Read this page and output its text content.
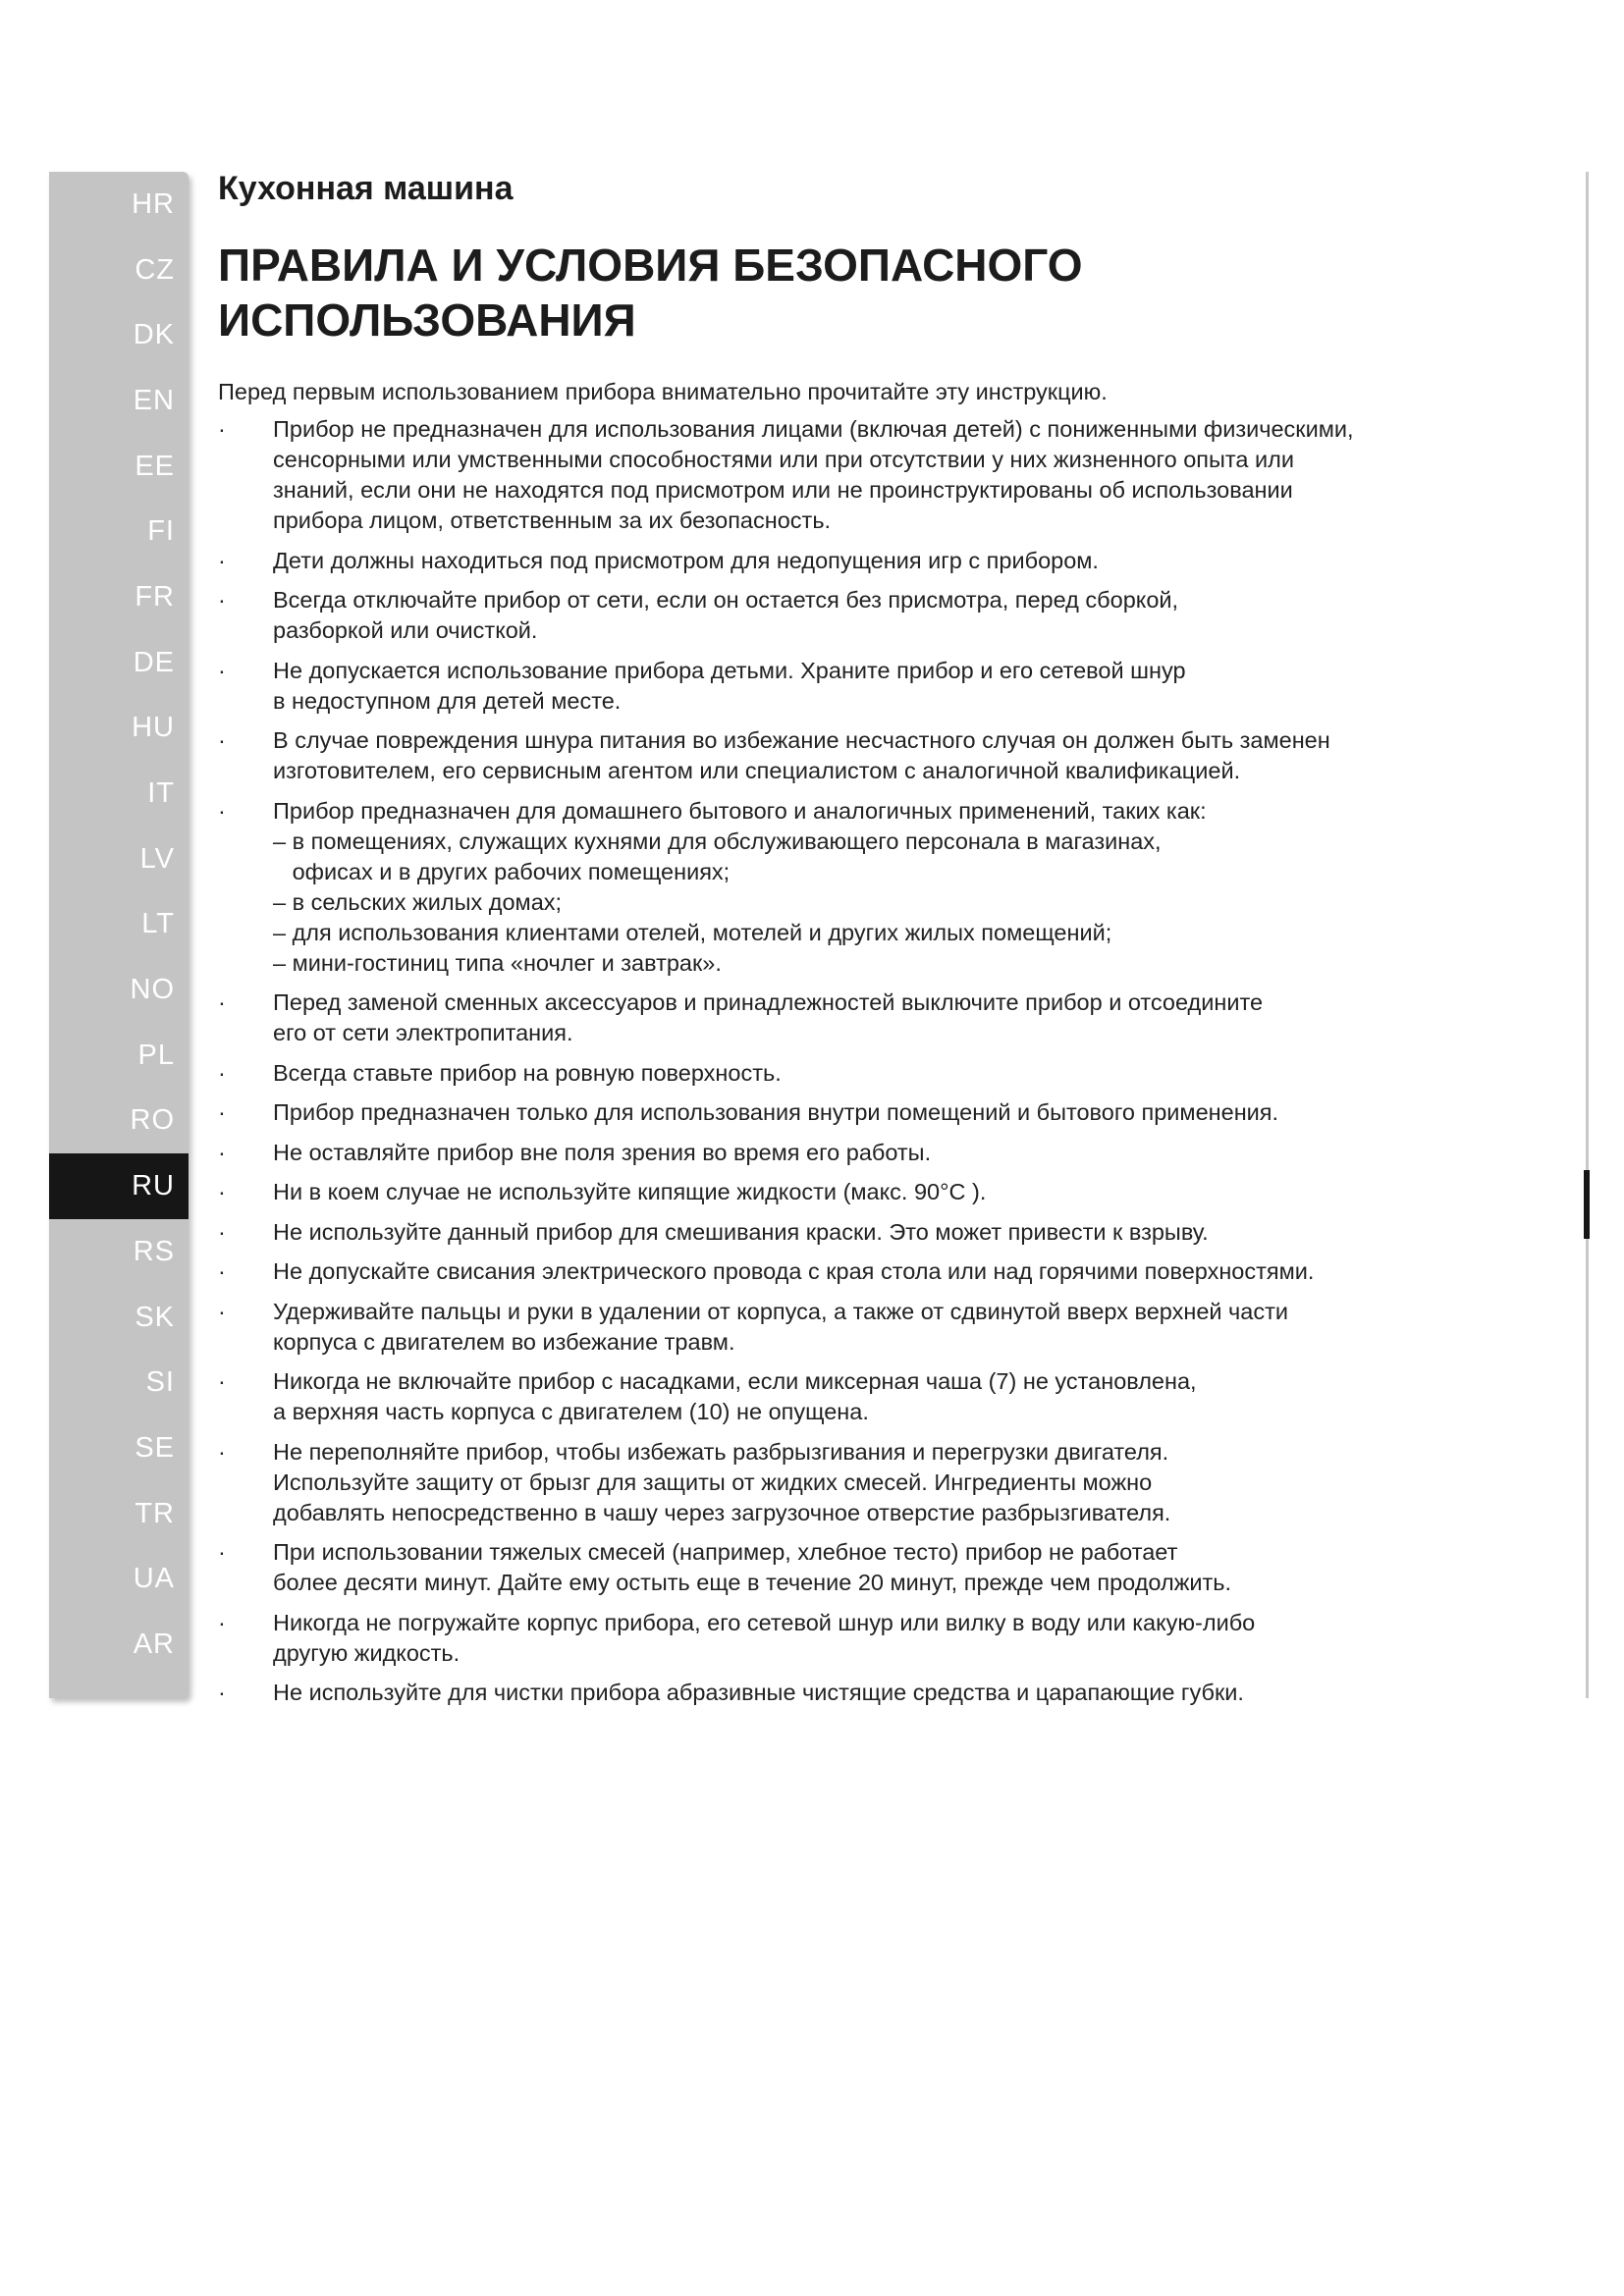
HR
CZ
DK
EN
EE
FI
FR
DE
HU
IT
LV
LT
NO
PL
RO
RU
RS
SK
SI
SE
TR
UA
AR
Кухонная машина
ПРАВИЛА И УСЛОВИЯ БЕЗОПАСНОГО
ИСПОЛЬЗОВАНИЯ

Перед первым использованием прибора внимательно прочитайте эту инструкцию.

· Прибор не предназначен для использования лицами (включая детей) с пониженными физическими,
сенсорными или умственными способностями или при отсутствии у них жизненного опыта или
знаний, если они не находятся под присмотром или не проинструктированы об использовании
прибора лицом, ответственным за их безопасность.
· Дети должны находиться под присмотром для недопущения игр с прибором.
· Всегда отключайте прибор от сети, если он остается без присмотра, перед сборкой,
разборкой или очисткой.
· Не допускается использование прибора детьми. Храните прибор и его сетевой шнур
в недоступном для детей месте.
· В случае повреждения шнура питания во избежание несчастного случая он должен быть заменен
изготовителем, его сервисным агентом или специалистом с аналогичной квалификацией.
· Прибор предназначен для домашнего бытового и аналогичных применений, таких как:
– в помещениях, служащих кухнями для обслуживающего персонала в магазинах,
офисах и в других рабочих помещениях;
– в сельских жилых домах;
– для использования клиентами отелей, мотелей и других жилых помещений;
– мини-гостиниц типа «ночлег и завтрак».
· Перед заменой сменных аксессуаров и принадлежностей выключите прибор и отсоедините
его от сети электропитания.
· Всегда ставьте прибор на ровную поверхность.
· Прибор предназначен только для использования внутри помещений и бытового применения.
· Не оставляйте прибор вне поля зрения во время его работы.
· Ни в коем случае не используйте кипящие жидкости (макс. 90°C ).
· Не используйте данный прибор для смешивания краски. Это может привести к взрыву.
· Не допускайте свисания электрического провода с края стола или над горячими поверхностями.
· Удерживайте пальцы и руки в удалении от корпуса, а также от сдвинутой вверх верхней части
корпуса с двигателем во избежание травм.
· Никогда не включайте прибор с насадками, если миксерная чаша (7) не установлена,
а верхняя часть корпуса с двигателем (10) не опущена.
· Не переполняйте прибор, чтобы избежать разбрызгивания и перегрузки двигателя.
Используйте защиту от брызг для защиты от жидких смесей. Ингредиенты можно
добавлять непосредственно в чашу через загрузочное отверстие разбрызгивателя.
· При использовании тяжелых смесей (например, хлебное тесто) прибор не работает
более десяти минут. Дайте ему остыть еще в течение 20 минут, прежде чем продолжить.
· Никогда не погружайте корпус прибора, его сетевой шнур или вилку в воду или какую-либо
другую жидкость.
· Не используйте для чистки прибора абразивные чистящие средства и царапающие губки.
